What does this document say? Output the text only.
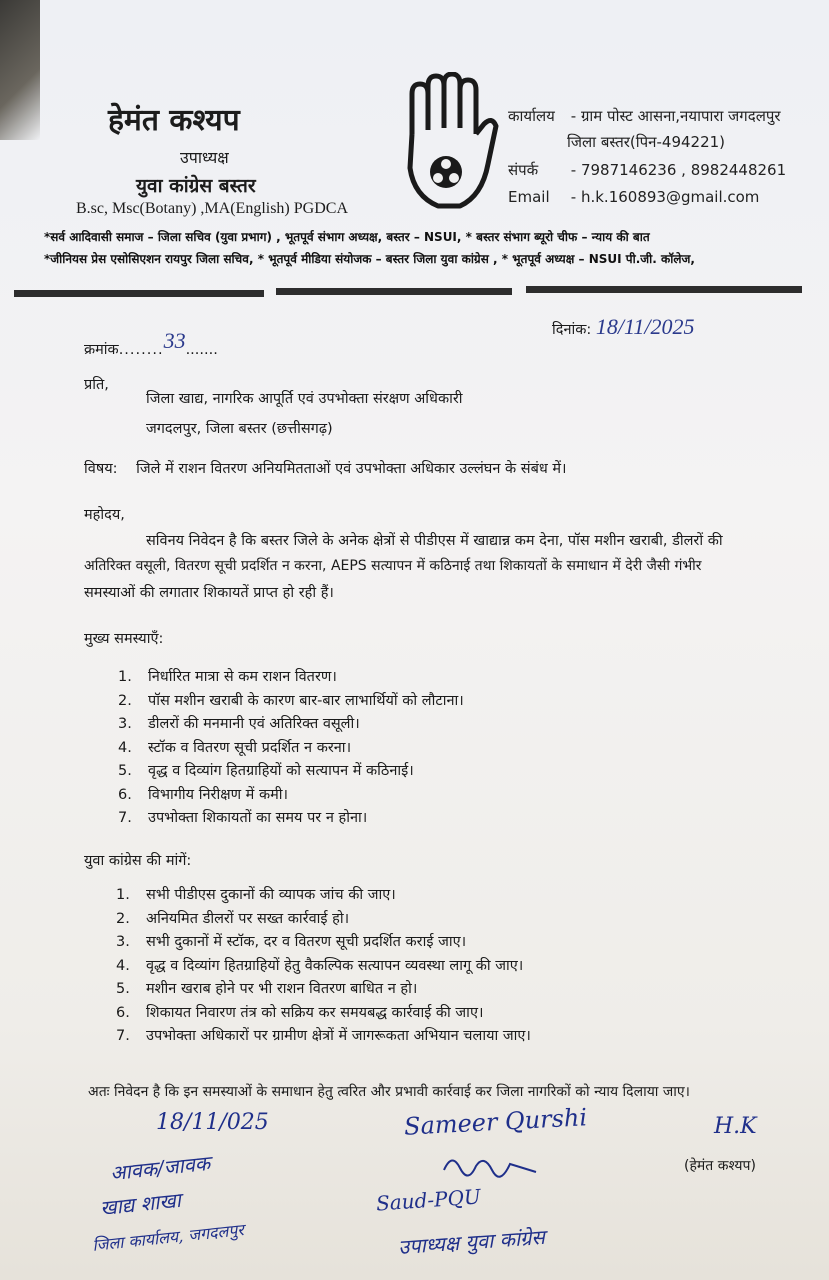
हेमंत कश्यप
उपाध्यक्ष
युवा कांग्रेस बस्तर
B.sc, Msc(Botany) ,MA(English) PGDCA
कार्यालय - ग्राम पोस्ट आसना,नयापारा जगदलपुर
जिला बस्तर(पिन-494221)
संपर्क - 7987146236 , 8982448261
Email - h.k.160893@gmail.com
*सर्व आदिवासी समाज – जिला सचिव (युवा प्रभाग) , भूतपूर्व संभाग अध्यक्ष, बस्तर – NSUI, * बस्तर संभाग ब्यूरो चीफ – न्याय की बात
*जीनियस प्रेस एसोसिएशन रायपुर जिला सचिव, * भूतपूर्व मीडिया संयोजक – बस्तर जिला युवा कांग्रेस , * भूतपूर्व अध्यक्ष – NSUI पी.जी. कॉलेज,
क्रमांक........33.......
दिनांक: 18/11/2025
प्रति,
जिला खाद्य, नागरिक आपूर्ति एवं उपभोक्ता संरक्षण अधिकारी
जगदलपुर, जिला बस्तर (छत्तीसगढ़)
विषय: जिले में राशन वितरण अनियमितताओं एवं उपभोक्ता अधिकार उल्लंघन के संबंध में।
महोदय,
सविनय निवेदन है कि बस्तर जिले के अनेक क्षेत्रों से पीडीएस में खाद्यान्न कम देना, पॉस मशीन खराबी, डीलरों की
अतिरिक्त वसूली, वितरण सूची प्रदर्शित न करना, AEPS सत्यापन में कठिनाई तथा शिकायतों के समाधान में देरी जैसी गंभीर
समस्याओं की लगातार शिकायतें प्राप्त हो रही हैं।
मुख्य समस्याएँ:
1. निर्धारित मात्रा से कम राशन वितरण।
2. पॉस मशीन खराबी के कारण बार-बार लाभार्थियों को लौटाना।
3. डीलरों की मनमानी एवं अतिरिक्त वसूली।
4. स्टॉक व वितरण सूची प्रदर्शित न करना।
5. वृद्ध व दिव्यांग हितग्राहियों को सत्यापन में कठिनाई।
6. विभागीय निरीक्षण में कमी।
7. उपभोक्ता शिकायतों का समय पर न होना।
युवा कांग्रेस की मांगें:
1. सभी पीडीएस दुकानों की व्यापक जांच की जाए।
2. अनियमित डीलरों पर सख्त कार्रवाई हो।
3. सभी दुकानों में स्टॉक, दर व वितरण सूची प्रदर्शित कराई जाए।
4. वृद्ध व दिव्यांग हितग्राहियों हेतु वैकल्पिक सत्यापन व्यवस्था लागू की जाए।
5. मशीन खराब होने पर भी राशन वितरण बाधित न हो।
6. शिकायत निवारण तंत्र को सक्रिय कर समयबद्ध कार्रवाई की जाए।
7. उपभोक्ता अधिकारों पर ग्रामीण क्षेत्रों में जागरूकता अभियान चलाया जाए।
अतः निवेदन है कि इन समस्याओं के समाधान हेतु त्वरित और प्रभावी कार्रवाई कर जिला नागरिकों को न्याय दिलाया जाए।
18/11/025
आवक/जावक
खाद्य शाखा
जिला कार्यालय, जगदलपुर
Sameer Qurshi
Saud-PQU
उपाध्यक्ष युवा कांग्रेस
H.K
(हेमंत कश्यप)
